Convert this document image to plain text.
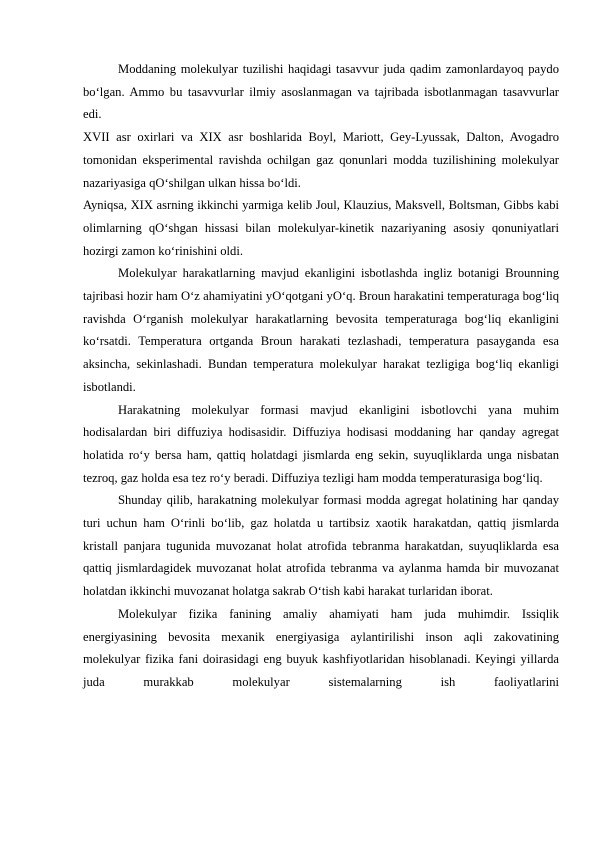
Moddaning molekulyar tuzilishi haqidagi tasavvur juda qadim zamonlardayoq paydo bo‘lgan. Ammo bu tasavvurlar ilmiy asoslanmagan va tajribada isbotlanmagan tasavvurlar edi.

XVII asr oxirlari va XIX asr boshlarida Boyl, Mariott, Gey-Lyussak, Dalton, Avogadro tomonidan eksperimental ravishda ochilgan gaz qonunlari modda tuzilishining molekulyar nazariyasiga qO‘shilgan ulkan hissa bo‘ldi.

Ayniqsa, XIX asrning ikkinchi yarmiga kelib Joul, Klauzius, Maksvell, Boltsman, Gibbs kabi olimlarning qO‘shgan hissasi bilan molekulyar-kinetik nazariyaning asosiy qonuniyatlari hozirgi zamon ko‘rinishini oldi.

Molekulyar harakatlarning mavjud ekanligini isbotlashda ingliz botanigi Brounning tajribasi hozir ham O‘z ahamiyatini yO‘qotgani yO‘q. Broun harakatini temperaturaga bog‘liq ravishda O‘rganish molekulyar harakatlarning bevosita temperaturaga bog‘liq ekanligini ko‘rsatdi. Temperatura ortganda Broun harakati tezlashadi, temperatura pasayganda esa aksincha, sekinlashadi. Bundan temperatura molekulyar harakat tezligiga bog‘liq ekanligi isbotlandi.

Harakatning molekulyar formasi mavjud ekanligini isbotlovchi yana muhim hodisalardan biri diffuziya hodisasidir. Diffuziya hodisasi moddaning har qanday agregat holatida ro‘y bersa ham, qattiq holatdagi jismlarda eng sekin, suyuqliklarda unga nisbatan tezroq, gaz holda esa tez ro‘y beradi. Diffuziya tezligi ham modda temperaturasiga bog‘liq.

Shunday qilib, harakatning molekulyar formasi modda agregat holatining har qanday turi uchun ham O‘rinli bo‘lib, gaz holatda u tartibsiz xaotik harakatdan, qattiq jismlarda kristall panjara tugunida muvozanat holat atrofida tebranma harakatdan, suyuqliklarda esa qattiq jismlardagidek muvozanat holat atrofida tebranma va aylanma hamda bir muvozanat holatdan ikkinchi muvozanat holatga sakrab O‘tish kabi harakat turlaridan iborat.

Molekulyar fizika fanining amaliy ahamiyati ham juda muhimdir. Issiqlik energiyasining bevosita mexanik energiyasiga aylantirilishi inson aqli zakovatining molekulyar fizika fani doirasidagi eng buyuk kashfiyotlaridan hisoblanadi. Keyingi yillarda juda murakkab molekulyar sistemalarning ish faoliyatlarini
